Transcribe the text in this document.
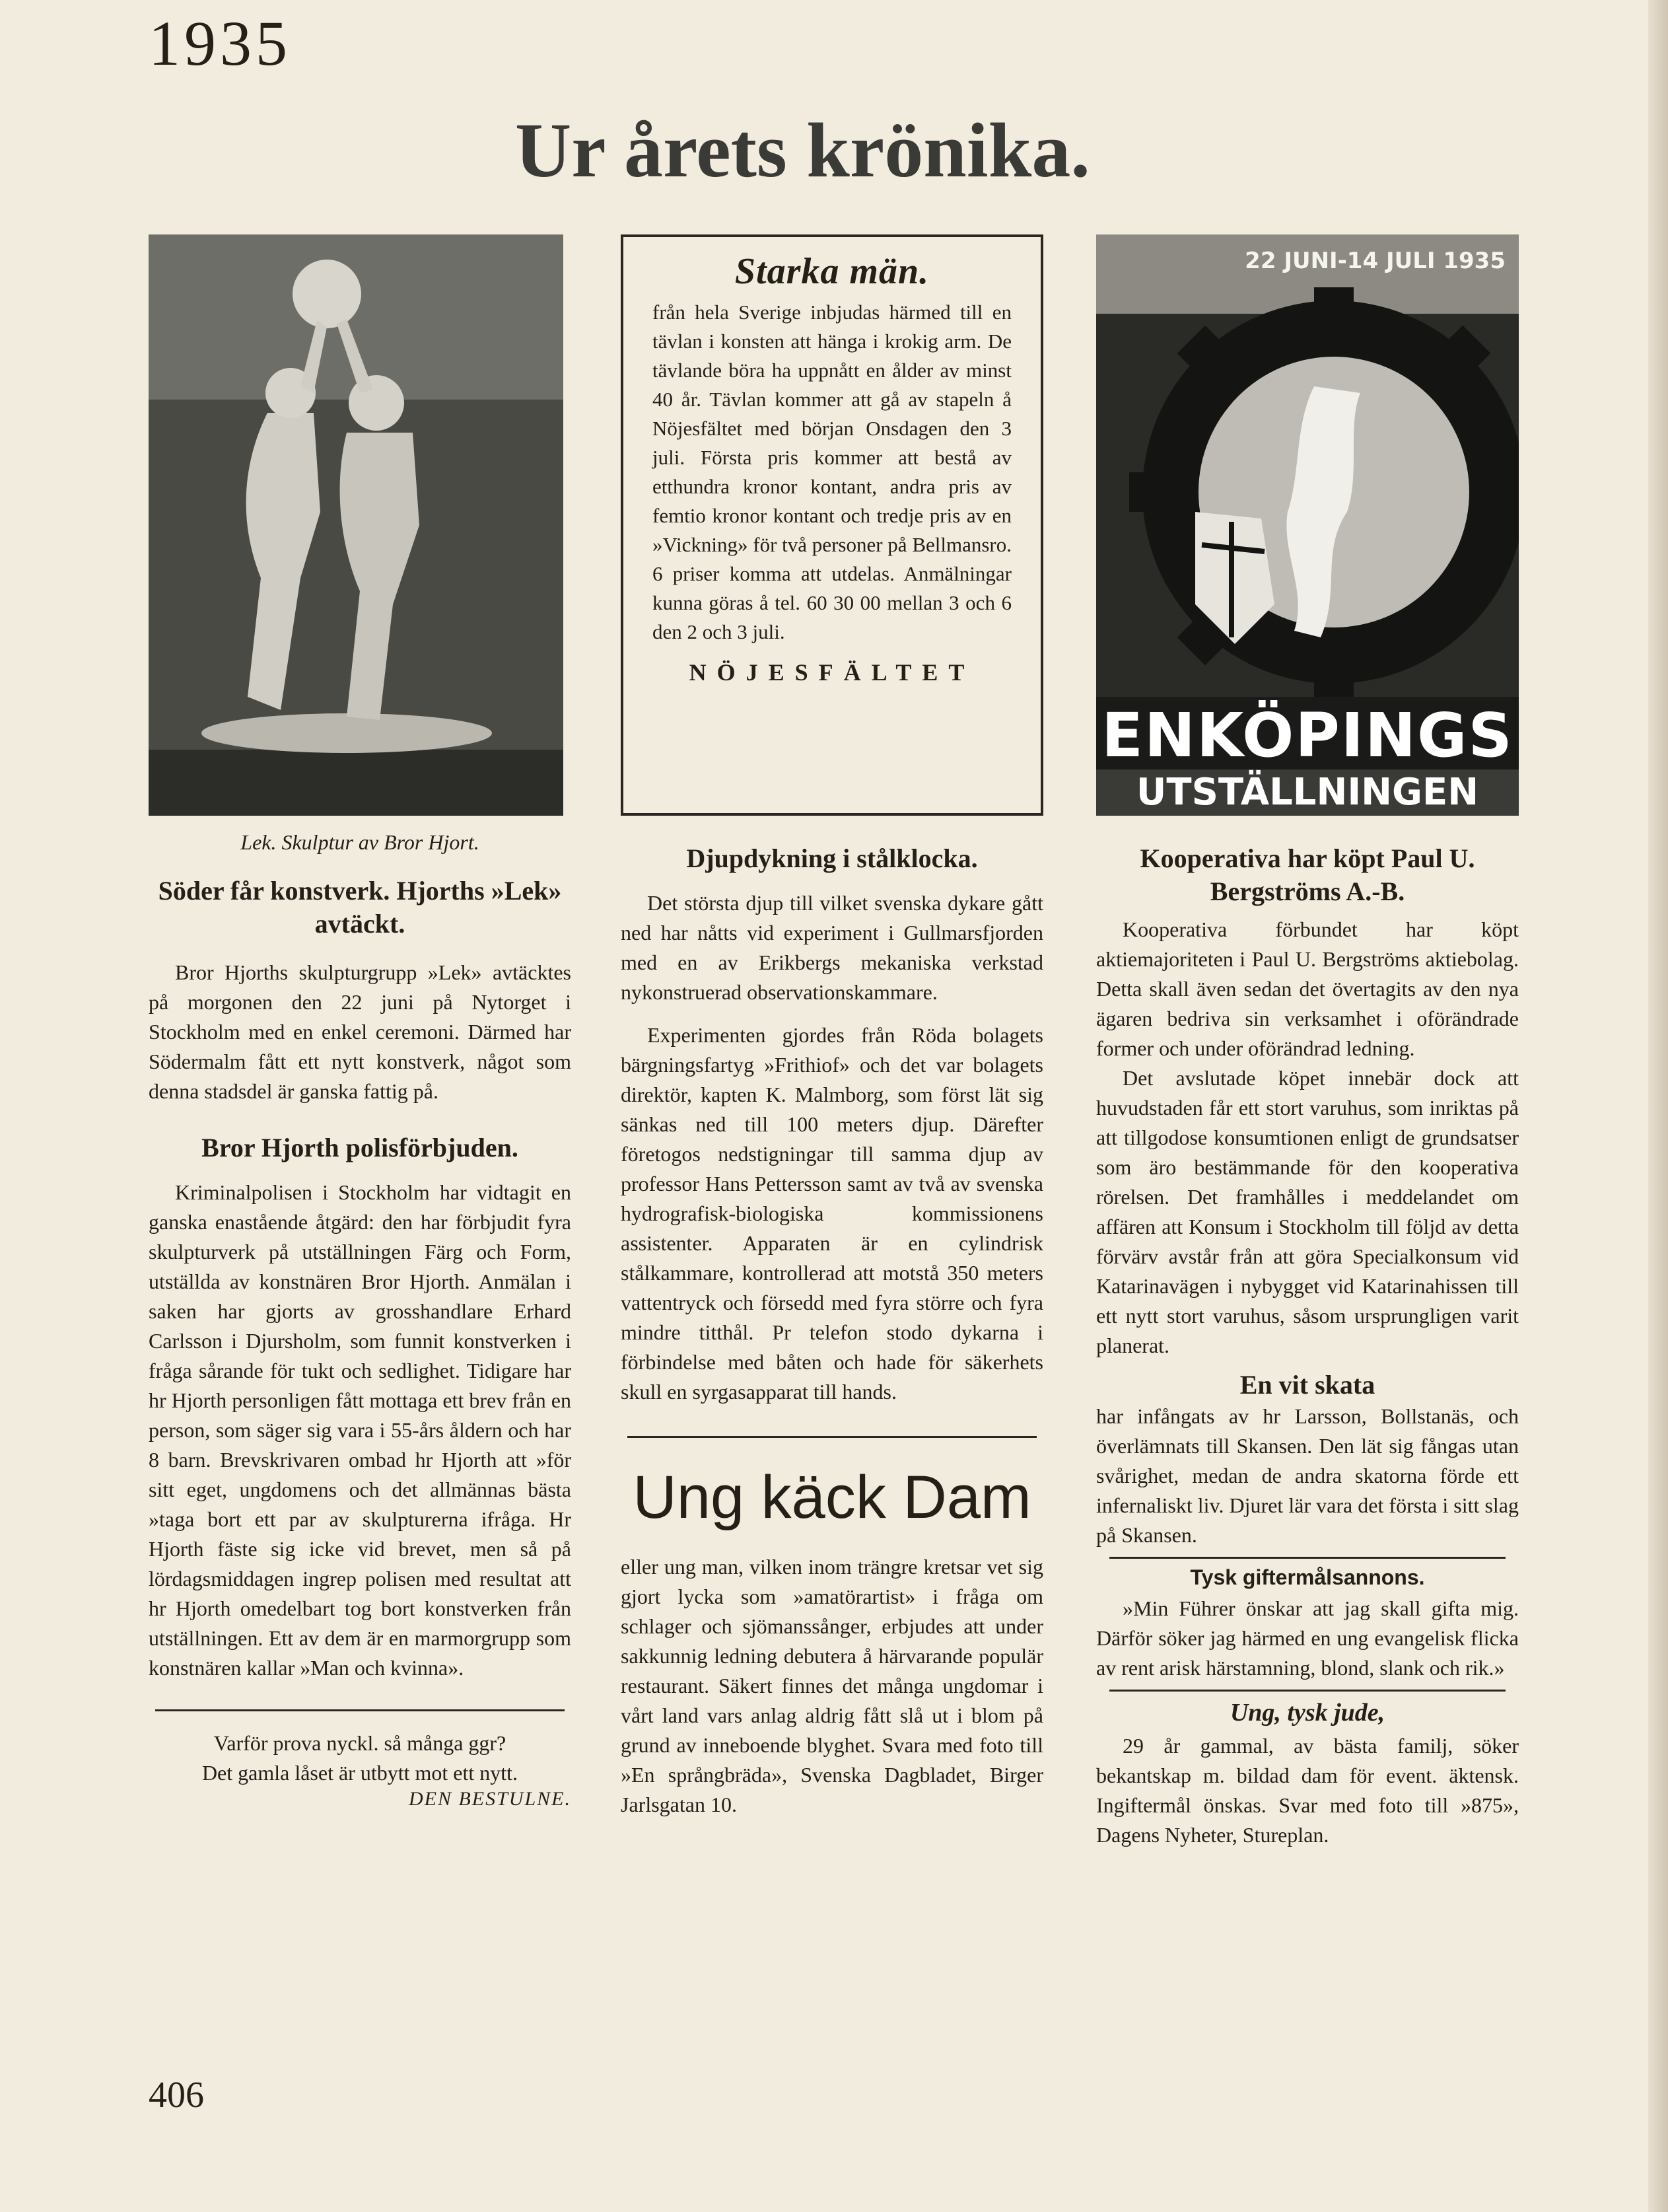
1935
Ur årets krönika.
Lek. Skulptur av Bror Hjort.
Söder får konstverk. Hjorths »Lek» avtäckt.

Bror Hjorths skulpturgrupp »Lek» avtäcktes på morgonen den 22 juni på Nytorget i Stockholm med en enkel ceremoni. Därmed har Södermalm fått ett nytt konstverk, något som denna stadsdel är ganska fattig på.

Bror Hjorth polisförbjuden.

Kriminalpolisen i Stockholm har vidtagit en ganska enastående åtgärd: den har förbjudit fyra skulpturverk på utställningen Färg och Form, utställda av konstnären Bror Hjorth. Anmälan i saken har gjorts av grosshandlare Erhard Carlsson i Djursholm, som funnit konstverken i fråga sårande för tukt och sedlighet. Tidigare har hr Hjorth personligen fått mottaga ett brev från en person, som säger sig vara i 55-års åldern och har 8 barn. Brevskrivaren ombad hr Hjorth att »för sitt eget, ungdomens och det allmännas bästa »taga bort ett par av skulpturerna ifråga. Hr Hjorth fäste sig icke vid brevet, men så på lördagsmiddagen ingrep polisen med resultat att hr Hjorth omedelbart tog bort konstverken från utställningen. Ett av dem är en marmorgrupp som konstnären kallar »Man och kvinna».

Varför prova nyckl. så många ggr?

Det gamla låset är utbytt mot ett nytt.

DEN BESTULNE.
Starka män.

från hela Sverige inbjudas härmed till en tävlan i konsten att hänga i krokig arm. De tävlande böra ha uppnått en ålder av minst 40 år. Tävlan kommer att gå av stapeln å Nöjesfältet med början Onsdagen den 3 juli. Första pris kommer att bestå av etthundra kronor kontant, andra pris av femtio kronor kontant och tredje pris av en »Vickning» för två personer på Bellmansro. 6 priser komma att utdelas. Anmälningar kunna göras å tel. 60 30 00 mellan 3 och 6 den 2 och 3 juli.

NÖJESFÄLTET
Djupdykning i stålklocka.

Det största djup till vilket svenska dykare gått ned har nåtts vid experiment i Gullmarsfjorden med en av Erikbergs mekaniska verkstad nykonstruerad observationskammare.

Experimenten gjordes från Röda bolagets bärgningsfartyg »Frithiof» och det var bolagets direktör, kapten K. Malmborg, som först lät sig sänkas ned till 100 meters djup. Därefter företogos nedstigningar till samma djup av professor Hans Pettersson samt av två av svenska hydrografisk-biologiska kommissionens assistenter. Apparaten är en cylindrisk stålkammare, kontrollerad att motstå 350 meters vattentryck och försedd med fyra större och fyra mindre titthål. Pr telefon stodo dykarna i förbindelse med båten och hade för säkerhets skull en syrgasapparat till hands.

Ung käck Dam

eller ung man, vilken inom trängre kretsar vet sig gjort lycka som »amatörartist» i fråga om schlager och sjömanssånger, erbjudes att under sakkunnig ledning debutera å härvarande populär restaurant. Säkert finnes det många ungdomar i vårt land vars anlag aldrig fått slå ut i blom på grund av inneboende blyghet. Svara med foto till »En språngbräda», Svenska Dagbladet, Birger Jarlsgatan 10.

22 JUNI-14 JULI 1935
ENKÖPINGS
UTSTÄLLNINGEN
Kooperativa har köpt Paul U. Bergströms A.-B.

Kooperativa förbundet har köpt aktiemajoriteten i Paul U. Bergströms aktiebolag. Detta skall även sedan det övertagits av den nya ägaren bedriva sin verksamhet i oförändrade former och under oförändrad ledning.

Det avslutade köpet innebär dock att huvudstaden får ett stort varuhus, som inriktas på att tillgodose konsumtionen enligt de grundsatser som äro bestämmande för den kooperativa rörelsen. Det framhålles i meddelandet om affären att Konsum i Stockholm till följd av detta förvärv avstår från att göra Specialkonsum vid Katarinavägen i nybygget vid Katarinahissen till ett nytt stort varuhus, såsom ursprungligen varit planerat.

En vit skata

har infångats av hr Larsson, Bollstanäs, och överlämnats till Skansen. Den lät sig fångas utan svårighet, medan de andra skatorna förde ett infernaliskt liv. Djuret lär vara det första i sitt slag på Skansen.

Tysk giftermålsannons.

»Min Führer önskar att jag skall gifta mig. Därför söker jag härmed en ung evangelisk flicka av rent arisk härstamning, blond, slank och rik.»

Ung, tysk jude,

29 år gammal, av bästa familj, söker bekantskap m. bildad dam för event. äktensk. Ingiftermål önskas. Svar med foto till »875», Dagens Nyheter, Stureplan.

406
